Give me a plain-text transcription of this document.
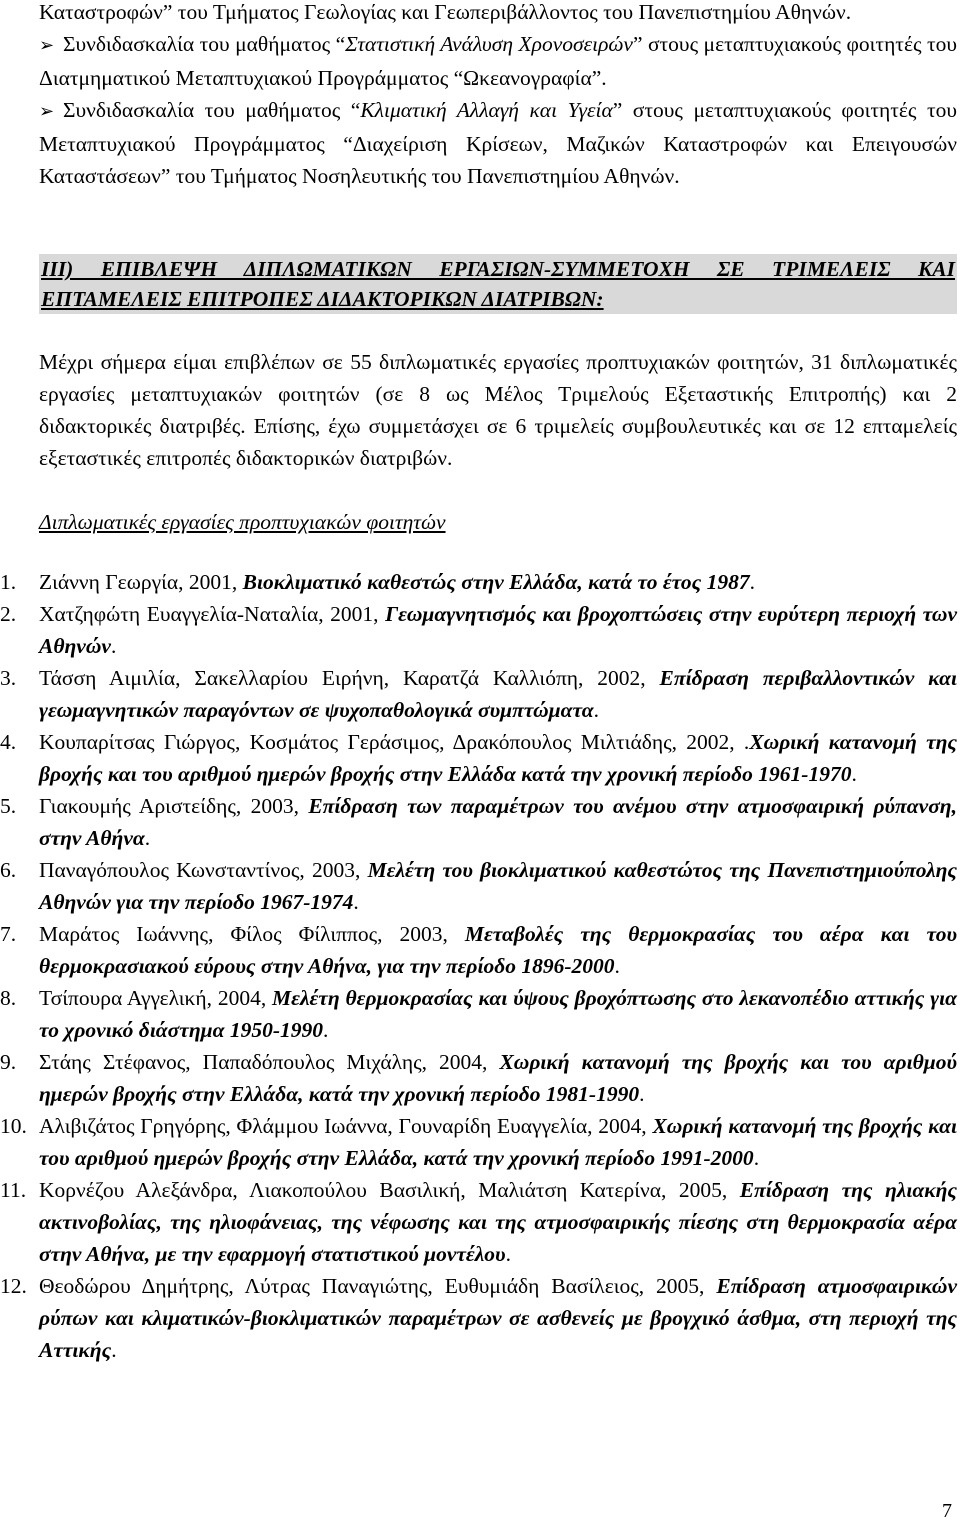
Καταστροφών” του Τμήματος Γεωλογίας και Γεωπεριβάλλοντος του Πανεπιστημίου Αθηνών.

➢ Συνδιδασκαλία του μαθήματος “Στατιστική Ανάλυση Χρονοσειρών” στους μεταπτυχιακούς φοιτητές του Διατμηματικού Μεταπτυχιακού Προγράμματος “Ωκεανογραφία”.

➢ Συνδιδασκαλία του μαθήματος “Κλιματική Αλλαγή και Υγεία” στους μεταπτυχιακούς φοιτητές του Μεταπτυχιακού Προγράμματος “Διαχείριση Κρίσεων, Μαζικών Καταστροφών και Επειγουσών Καταστάσεων” του Τμήματος Νοσηλευτικής του Πανεπιστημίου Αθηνών.

ΙΙΙ) ΕΠΙΒΛΕΨΗ ΔΙΠΛΩΜΑΤΙΚΩΝ ΕΡΓΑΣΙΩΝ-ΣΥΜΜΕΤΟΧΗ ΣΕ ΤΡΙΜΕΛΕΙΣ ΚΑΙ ΕΠΤΑΜΕΛΕΙΣ ΕΠΙΤΡΟΠΕΣ ΔΙΔΑΚΤΟΡΙΚΩΝ ΔΙΑΤΡΙΒΩΝ:

Μέχρι σήμερα είμαι επιβλέπων σε 55 διπλωματικές εργασίες προπτυχιακών φοιτητών, 31 διπλωματικές εργασίες μεταπτυχιακών φοιτητών (σε 8 ως Μέλος Τριμελούς Εξεταστικής Επιτροπής) και 2 διδακτορικές διατριβές. Επίσης, έχω συμμετάσχει σε 6 τριμελείς συμβουλευτικές και σε 12 επταμελείς εξεταστικές επιτροπές διδακτορικών διατριβών.

Διπλωματικές εργασίες προπτυχιακών φοιτητών

1.	Ζιάννη Γεωργία, 2001, Βιοκλιματικό καθεστώς στην Ελλάδα, κατά το έτος 1987.
2.	Χατζηφώτη Ευαγγελία-Ναταλία, 2001, Γεωμαγνητισμός και βροχοπτώσεις στην ευρύτερη περιοχή των Αθηνών.
3.	Τάσση Αιμιλία, Σακελλαρίου Ειρήνη, Καρατζά Καλλιόπη, 2002, Επίδραση περιβαλλοντικών και γεωμαγνητικών παραγόντων σε ψυχοπαθολογικά συμπτώματα.
4.	Κουπαρίτσας Γιώργος, Κοσμάτος Γεράσιμος, Δρακόπουλος Μιλτιάδης, 2002, .Χωρική κατανομή της βροχής και του αριθμού ημερών βροχής στην Ελλάδα κατά την χρονική περίοδο 1961-1970.
5.	Γιακουμής Αριστείδης, 2003, Επίδραση των παραμέτρων του ανέμου στην ατμοσφαιρική ρύπανση, στην Αθήνα.
6.	Παναγόπουλος Κωνσταντίνος, 2003, Μελέτη του βιοκλιματικού καθεστώτος της Πανεπιστημιούπολης Αθηνών για την περίοδο 1967-1974.
7.	Μαράτος Ιωάννης, Φίλος Φίλιππος, 2003, Μεταβολές της θερμοκρασίας του αέρα και του θερμοκρασιακού εύρους στην Αθήνα, για την περίοδο 1896-2000.
8.	Τσίπουρα Αγγελική, 2004, Μελέτη θερμοκρασίας και ύψους βροχόπτωσης στο λεκανοπέδιο αττικής για το χρονικό διάστημα 1950-1990.
9.	Στάης Στέφανος, Παπαδόπουλος Μιχάλης, 2004, Χωρική κατανομή της βροχής και του αριθμού ημερών βροχής στην Ελλάδα, κατά την χρονική περίοδο 1981-1990.
10. Αλιβιζάτος Γρηγόρης, Φλάμμου Ιωάννα, Γουναρίδη Ευαγγελία, 2004, Χωρική κατανομή της βροχής και του αριθμού ημερών βροχής στην Ελλάδα, κατά την χρονική περίοδο 1991-2000.
11. Κορνέζου Αλεξάνδρα, Λιακοπούλου Βασιλική, Μαλιάτση Κατερίνα, 2005, Επίδραση της ηλιακής ακτινοβολίας, της ηλιοφάνειας, της νέφωσης και της ατμοσφαιρικής πίεσης στη θερμοκρασία αέρα στην Αθήνα, με την εφαρμογή στατιστικού μοντέλου.
12. Θεοδώρου Δημήτρης, Λύτρας Παναγιώτης, Ευθυμιάδη Βασίλειος, 2005, Επίδραση ατμοσφαιρικών ρύπων και κλιματικών-βιοκλιματικών παραμέτρων σε ασθενείς με βρογχικό άσθμα, στη περιοχή της Αττικής.
7
